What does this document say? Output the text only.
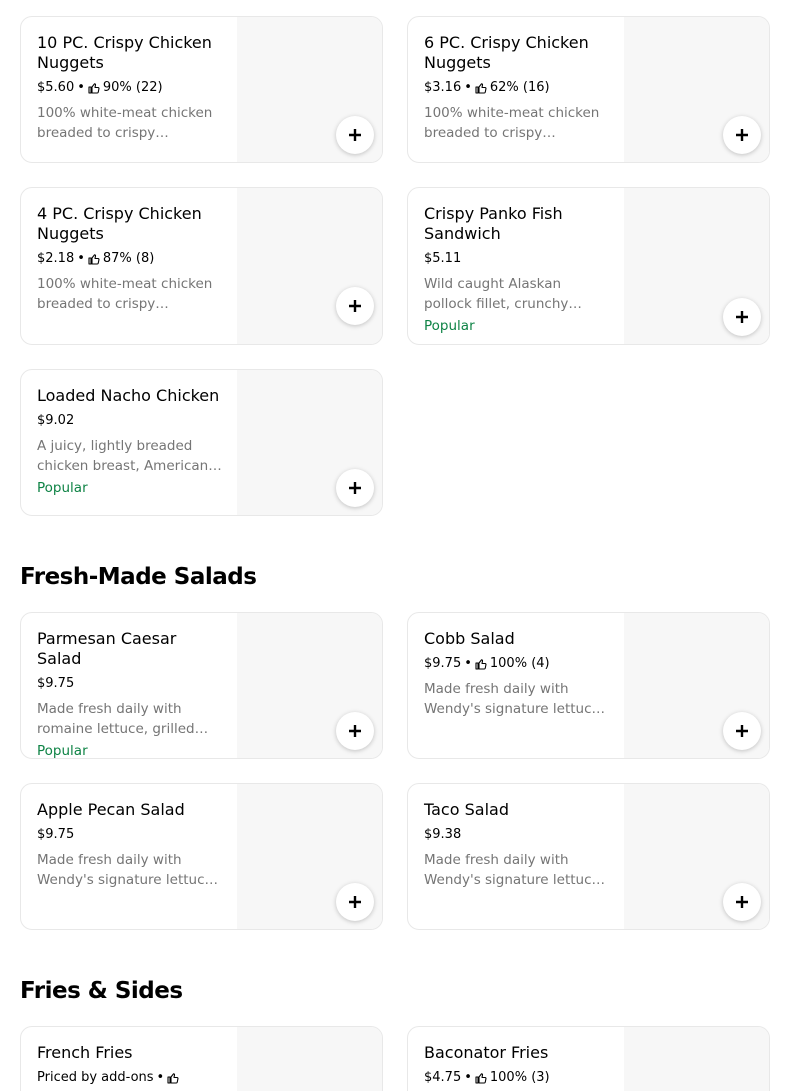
10 PC. Crispy Chicken Nuggets
$5.60 • 90% (22)
100% white-meat chicken breaded to crispy
6 PC. Crispy Chicken Nuggets
$3.16 • 62% (16)
100% white-meat chicken breaded to crispy
4 PC. Crispy Chicken Nuggets
$2.18 • 87% (8)
100% white-meat chicken breaded to crispy
Crispy Panko Fish Sandwich
$5.11
Wild caught Alaskan pollock fillet, crunchy
Popular
Loaded Nacho Chicken
$9.02
A juicy, lightly breaded chicken breast, American
Popular
Fresh-Made Salads
Parmesan Caesar Salad
$9.75
Made fresh daily with romaine lettuce, grilled
Popular
Cobb Salad
$9.75 • 100% (4)
Made fresh daily with Wendy's signature lettuce
Apple Pecan Salad
$9.75
Made fresh daily with Wendy's signature lettuce
Taco Salad
$9.38
Made fresh daily with Wendy's signature lettuce
Fries & Sides
French Fries
Priced by add-ons •
Baconator Fries
$4.75 • 100% (3)
